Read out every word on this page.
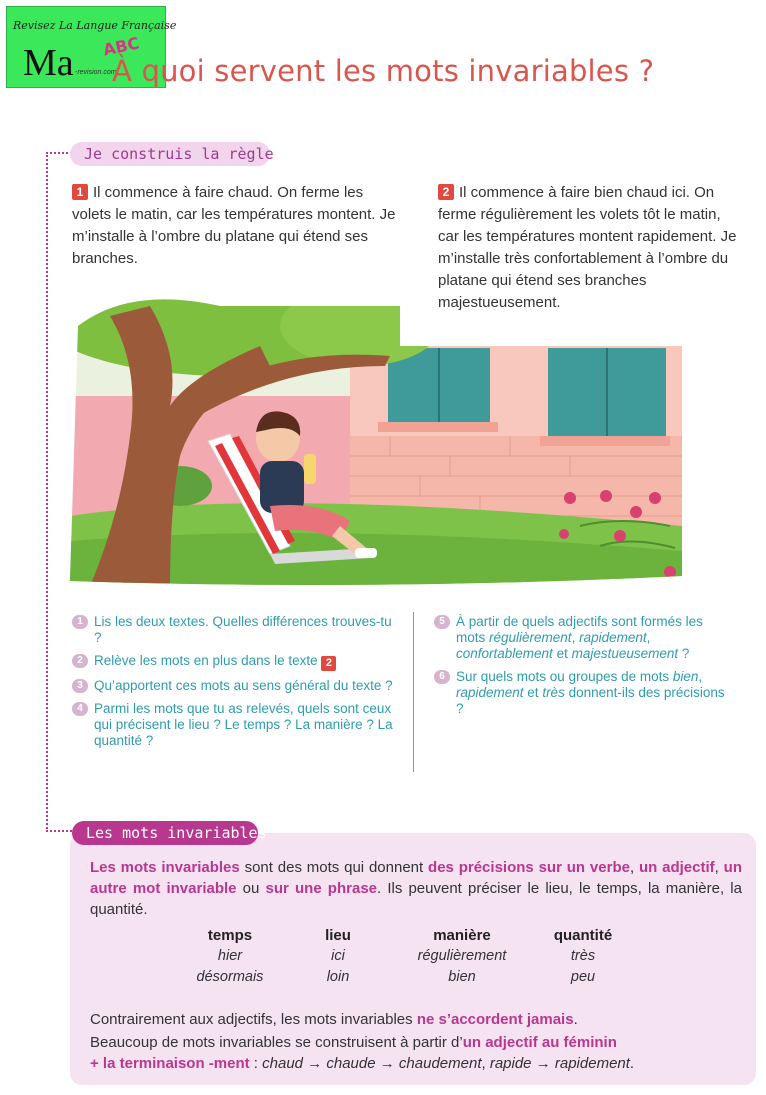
Revisez La Langue Française
Ma ABC
-revision.com
À quoi servent les mots invariables ?
Je construis la règle
1 Il commence à faire chaud. On ferme les volets le matin, car les températures montent. Je m’installe à l’ombre du platane qui étend ses branches.
2 Il commence à faire bien chaud ici. On ferme régulièrement les volets tôt le matin, car les températures montent rapidement. Je m’installe très confortablement à l’ombre du platane qui étend ses branches majestueusement.
1 Lis les deux textes. Quelles différences trouves-tu ?
2 Relève les mots en plus dans le texte 2
3 Qu’apportent ces mots au sens général du texte ?
4 Parmi les mots que tu as relevés, quels sont ceux qui précisent le lieu ? Le temps ? La manière ? La quantité ?
5 À partir de quels adjectifs sont formés les mots régulièrement, rapidement, confortablement et majestueusement ?
6 Sur quels mots ou groupes de mots bien, rapidement et très donnent-ils des précisions ?
Les mots invariables sont des mots qui donnent des précisions sur un verbe, un adjectif, un autre mot invariable ou sur une phrase. Ils peuvent préciser le lieu, le temps, la manière, la quantité.
temps	lieu	manière	quantité
hier	ici	régulièrement	très
désormais	loin	bien	peu
Contrairement aux adjectifs, les mots invariables ne s’accordent jamais.
Beaucoup de mots invariables se construisent à partir d’un adjectif au féminin
+ la terminaison -ment : chaud → chaude → chaudement, rapide → rapidement.
Les mots invariables
